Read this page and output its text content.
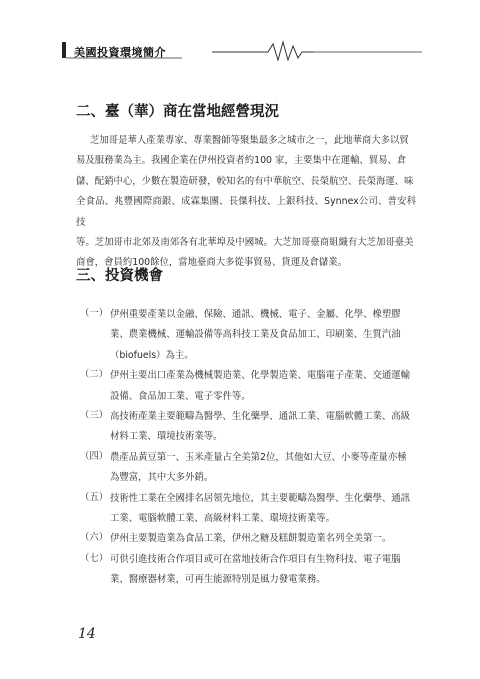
美國投資環境簡介
二、臺（華）商在當地經營現況
芝加哥是華人產業專家、專業醫師等聚集最多之城市之一，此地華商大多以貿
易及服務業為主。我國企業在伊州投資者約100 家，主要集中在運輸、貿易、倉
儲、配銷中心，少數在製造研發，較知名的有中華航空、長榮航空、長榮海運、味
全食品、兆豐國際商銀、成霖集團、長傑科技、上銀科技、Synnex公司、普安科技
等。芝加哥市北郊及南郊各有北華埠及中國城。大芝加哥臺商組織有大芝加哥臺美
商會，會員約100餘位，當地臺商大多從事貿易、貨運及倉儲業。
三、投資機會
（一） 伊州重要產業以金融、保險、通訊、機械、電子、金屬、化學、橡塑膠
業、農業機械、運輸設備等高科技工業及食品加工、印刷業、生質汽油
（biofuels）為主。
（二） 伊州主要出口產業為機械製造業、化學製造業、電腦電子產業、交通運輸
設備、食品加工業、電子零件等。
（三） 高技術產業主要範疇為醫學、生化藥學、通訊工業、電腦軟體工業、高級
材料工業、環境技術業等。
（四） 農產品黃豆第一、玉米產量占全美第2位，其他如大豆、小麥等產量亦極
為豐富，其中大多外銷。
（五） 技術性工業在全國排名居領先地位，其主要範疇為醫學、生化藥學、通訊
工業、電腦軟體工業、高級材料工業、環境技術業等。
（六） 伊州主要製造業為食品工業，伊州之糖及糕餅製造業名列全美第一。
（七） 可供引進技術合作項目或可在當地技術合作項目有生物科技、電子電腦
業、醫療器材業，可再生能源特別是風力發電業務。
14
